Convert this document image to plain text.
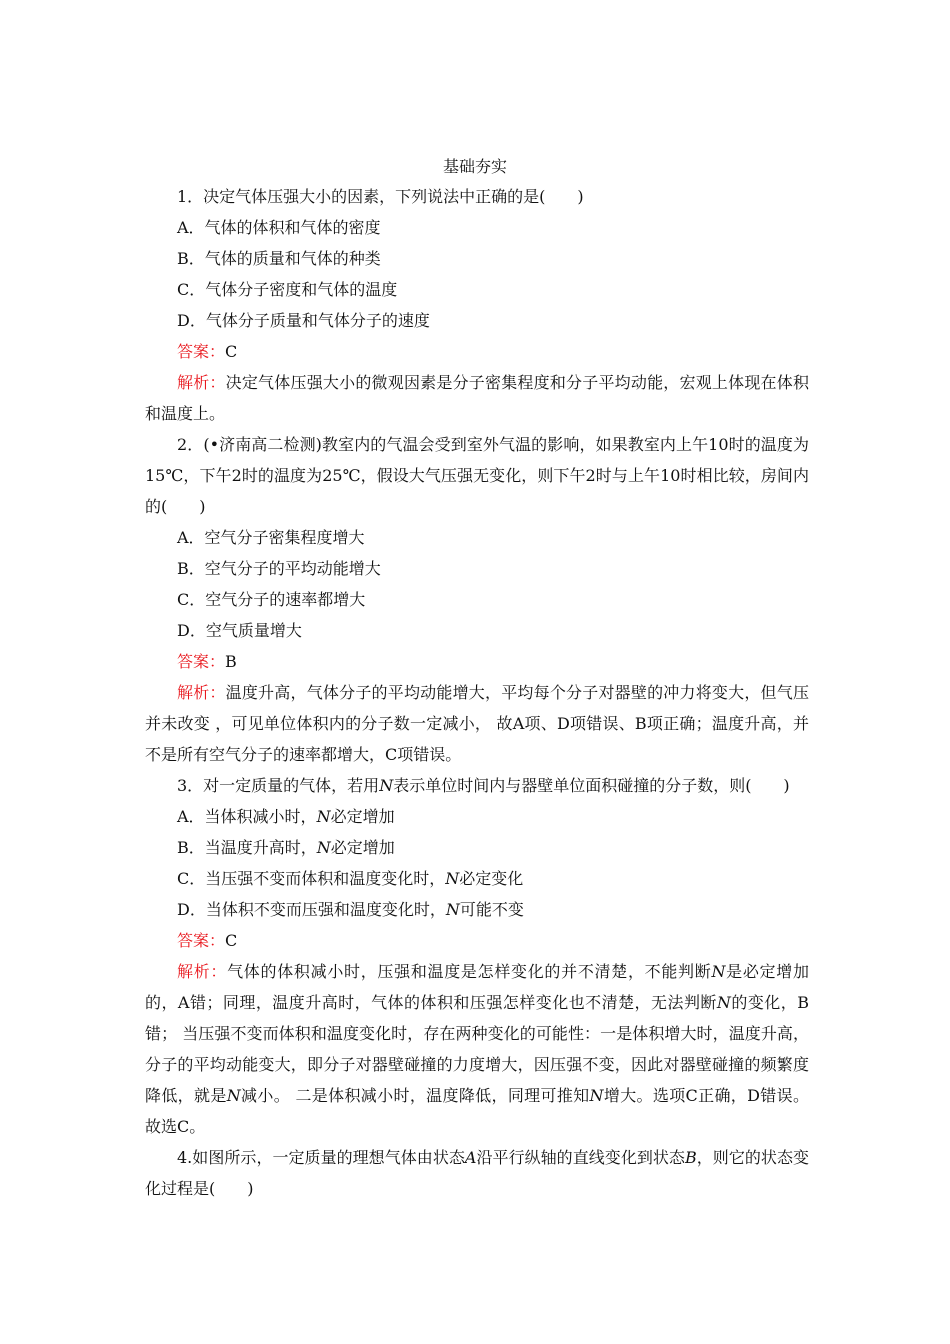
基础夯实

1．决定气体压强大小的因素，下列说法中正确的是(　　)

A．气体的体积和气体的密度

B．气体的质量和气体的种类

C．气体分子密度和气体的温度

D．气体分子质量和气体分子的速度

答案：C

解析：决定气体压强大小的微观因素是分子密集程度和分子平均动能，宏观上体现在体积和温度上。

2．(•济南高二检测)教室内的气温会受到室外气温的影响，如果教室内上午10时的温度为15℃，下午2时的温度为25℃，假设大气压强无变化，则下午2时与上午10时相比较，房间内的(　　)

A．空气分子密集程度增大

B．空气分子的平均动能增大

C．空气分子的速率都增大

D．空气质量增大

答案：B

解析：温度升高，气体分子的平均动能增大，平均每个分子对器壁的冲力将变大，但气压并未改变 ，可见单位体积内的分子数一定减小， 故A项、D项错误、B项正确；温度升高，并不是所有空气分子的速率都增大，C项错误。

3．对一定质量的气体，若用N表示单位时间内与器壁单位面积碰撞的分子数，则(　　)

A．当体积减小时，N必定增加

B．当温度升高时，N必定增加

C．当压强不变而体积和温度变化时，N必定变化

D．当体积不变而压强和温度变化时，N可能不变

答案：C

解析：气体的体积减小时，压强和温度是怎样变化的并不清楚，不能判断N是必定增加的，A错；同理，温度升高时，气体的体积和压强怎样变化也不清楚，无法判断N的变化，B错； 当压强不变而体积和温度变化时，存在两种变化的可能性：一是体积增大时，温度升高，分子的平均动能变大，即分子对器壁碰撞的力度增大，因压强不变，因此对器壁碰撞的频繁度降低，就是N减小。 二是体积减小时，温度降低，同理可推知N增大。选项C正确，D错误。故选C。

4.如图所示，一定质量的理想气体由状态A沿平行纵轴的直线变化到状态B，则它的状态变化过程是(　　)
